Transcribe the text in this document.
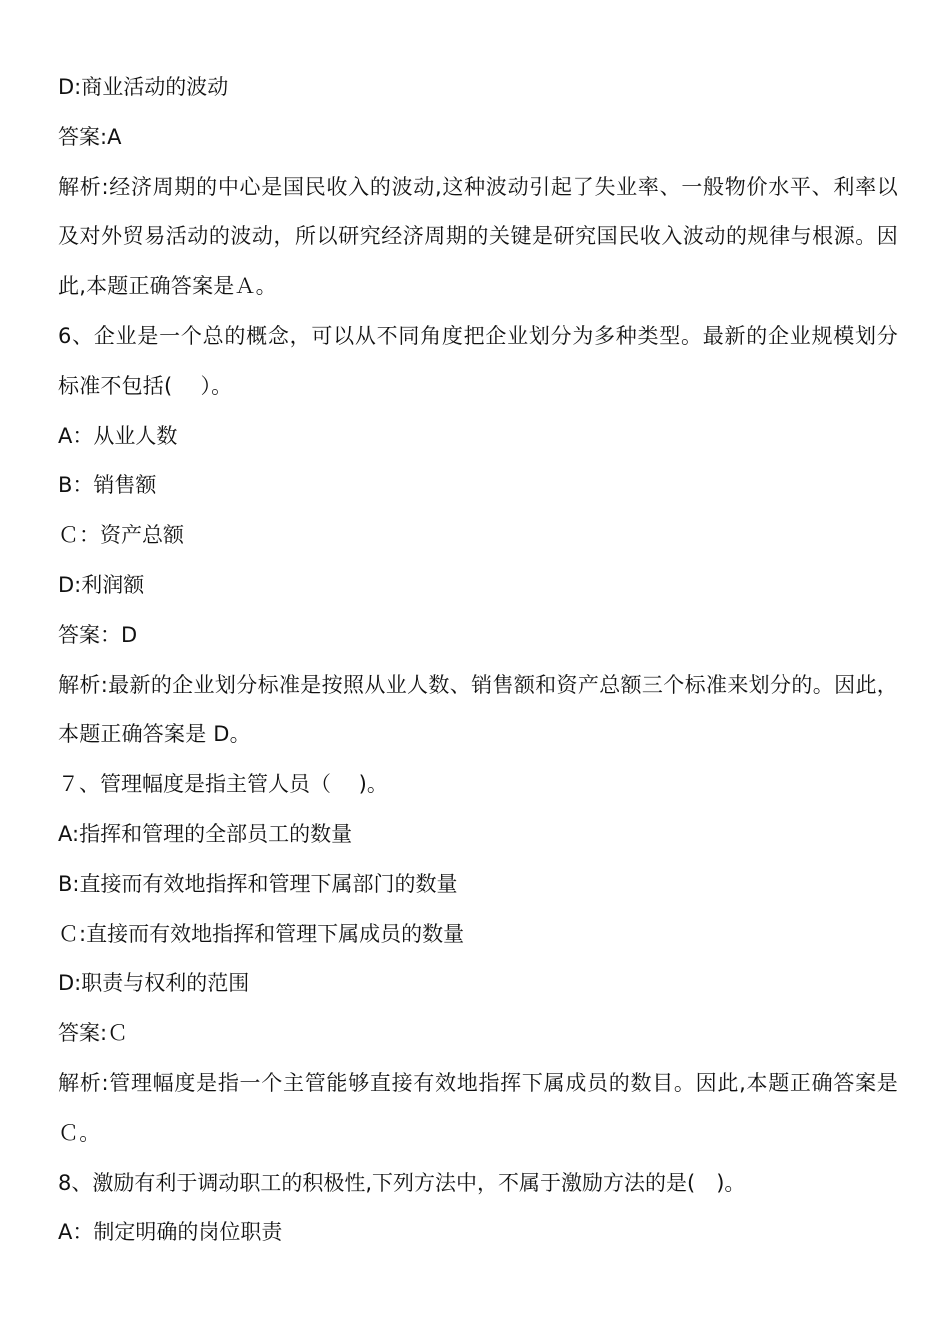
D:商业活动的波动

答案:A

解析:经济周期的中心是国民收入的波动,这种波动引起了失业率、一般物价水平、利率以及对外贸易活动的波动，所以研究经济周期的关键是研究国民收入波动的规律与根源。因此,本题正确答案是Ａ。

6、企业是一个总的概念，可以从不同角度把企业划分为多种类型。最新的企业规模划分标准不包括(　 ）。

A：从业人数

B：销售额

Ｃ：资产总额

D:利润额

答案：D

解析:最新的企业划分标准是按照从业人数、销售额和资产总额三个标准来划分的。因此，本题正确答案是 D。

７、管理幅度是指主管人员（　 )。

A:指挥和管理的全部员工的数量

B:直接而有效地指挥和管理下属部门的数量

Ｃ:直接而有效地指挥和管理下属成员的数量

D:职责与权利的范围

答案:Ｃ

解析:管理幅度是指一个主管能够直接有效地指挥下属成员的数目。因此,本题正确答案是Ｃ。

8、激励有利于调动职工的积极性,下列方法中，不属于激励方法的是(　)。

A：制定明确的岗位职责
